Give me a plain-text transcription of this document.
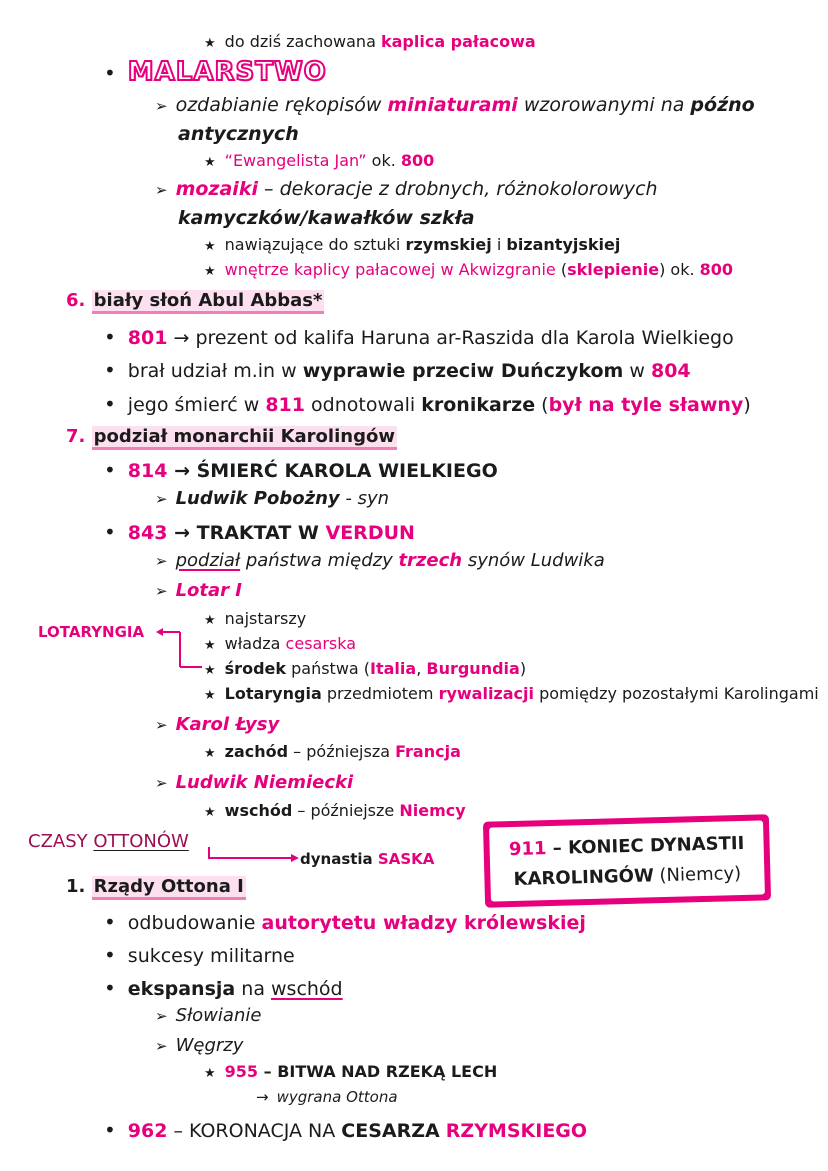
★ do dziś zachowana kaplica pałacowa
• MALARSTWO
➢ ozdabianie rękopisów miniaturami wzorowanymi na późno
antycznych
★ “Ewangelista Jan” ok. 800
➢ mozaiki – dekoracje z drobnych, różnokolorowych
kamyczków/kawałków szkła
★ nawiązujące do sztuki rzymskiej i bizantyjskiej
★ wnętrze kaplicy pałacowej w Akwizgranie (sklepienie) ok. 800
6. biały słoń Abul Abbas*
• 801 → prezent od kalifa Haruna ar-Raszida dla Karola Wielkiego
• brał udział m.in w wyprawie przeciw Duńczykom w 804
• jego śmierć w 811 odnotowali kronikarze (był na tyle sławny)
7. podział monarchii Karolingów
• 814 → ŚMIERĆ KAROLA WIELKIEGO
➢ Ludwik Pobożny - syn
• 843 → TRAKTAT W VERDUN
➢ podział państwa między trzech synów Ludwika
➢ Lotar I
LOTARYNGIA
★ najstarszy
★ władza cesarska
★ środek państwa (Italia, Burgundia)
★ Lotaryngia przedmiotem rywalizacji pomiędzy pozostałymi Karolingami
➢ Karol Łysy
★ zachód – późniejsza Francja
➢ Ludwik Niemiecki
★ wschód – późniejsze Niemcy
CZASY OTTONÓW
dynastia SASKA	911 – KONIEC DYNASTII
KAROLINGÓW (Niemcy)
1. Rządy Ottona I
• odbudowanie autorytetu władzy królewskiej
• sukcesy militarne
• ekspansja na wschód
➢ Słowianie
➢ Węgrzy
★ 955 – BITWA NAD RZEKĄ LECH
→ wygrana Ottona
• 962 – KORONACJA NA CESARZA RZYMSKIEGO
